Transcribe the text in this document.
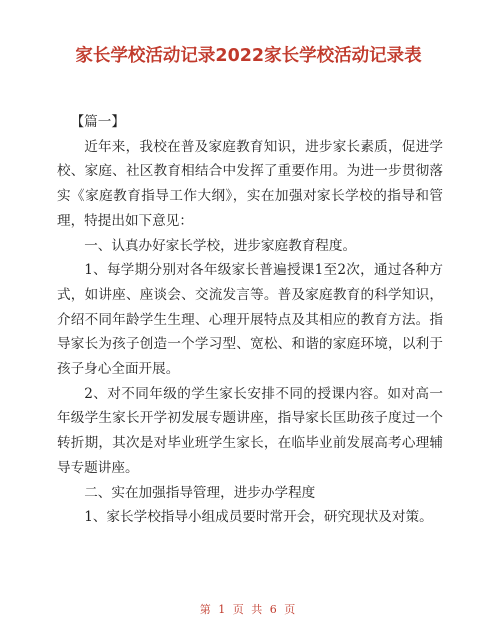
家长学校活动记录2022家长学校活动记录表

【篇一】

近年来，我校在普及家庭教育知识，进步家长素质，促进学校、家庭、社区教育相结合中发挥了重要作用。为进一步贯彻落实《家庭教育指导工作大纲》，实在加强对家长学校的指导和管理，特提出如下意见：

一、认真办好家长学校，进步家庭教育程度。

1、每学期分别对各年级家长普遍授课1至2次，通过各种方式，如讲座、座谈会、交流发言等。普及家庭教育的科学知识，介绍不同年龄学生生理、心理开展特点及其相应的教育方法。指导家长为孩子创造一个学习型、宽松、和谐的家庭环境，以利于孩子身心全面开展。

2、对不同年级的学生家长安排不同的授课内容。如对高一年级学生家长开学初发展专题讲座，指导家长匡助孩子度过一个转折期，其次是对毕业班学生家长，在临毕业前发展高考心理辅导专题讲座。

二、实在加强指导管理，进步办学程度

1、家长学校指导小组成员要时常开会，研究现状及对策。

第 1 页 共 6 页
